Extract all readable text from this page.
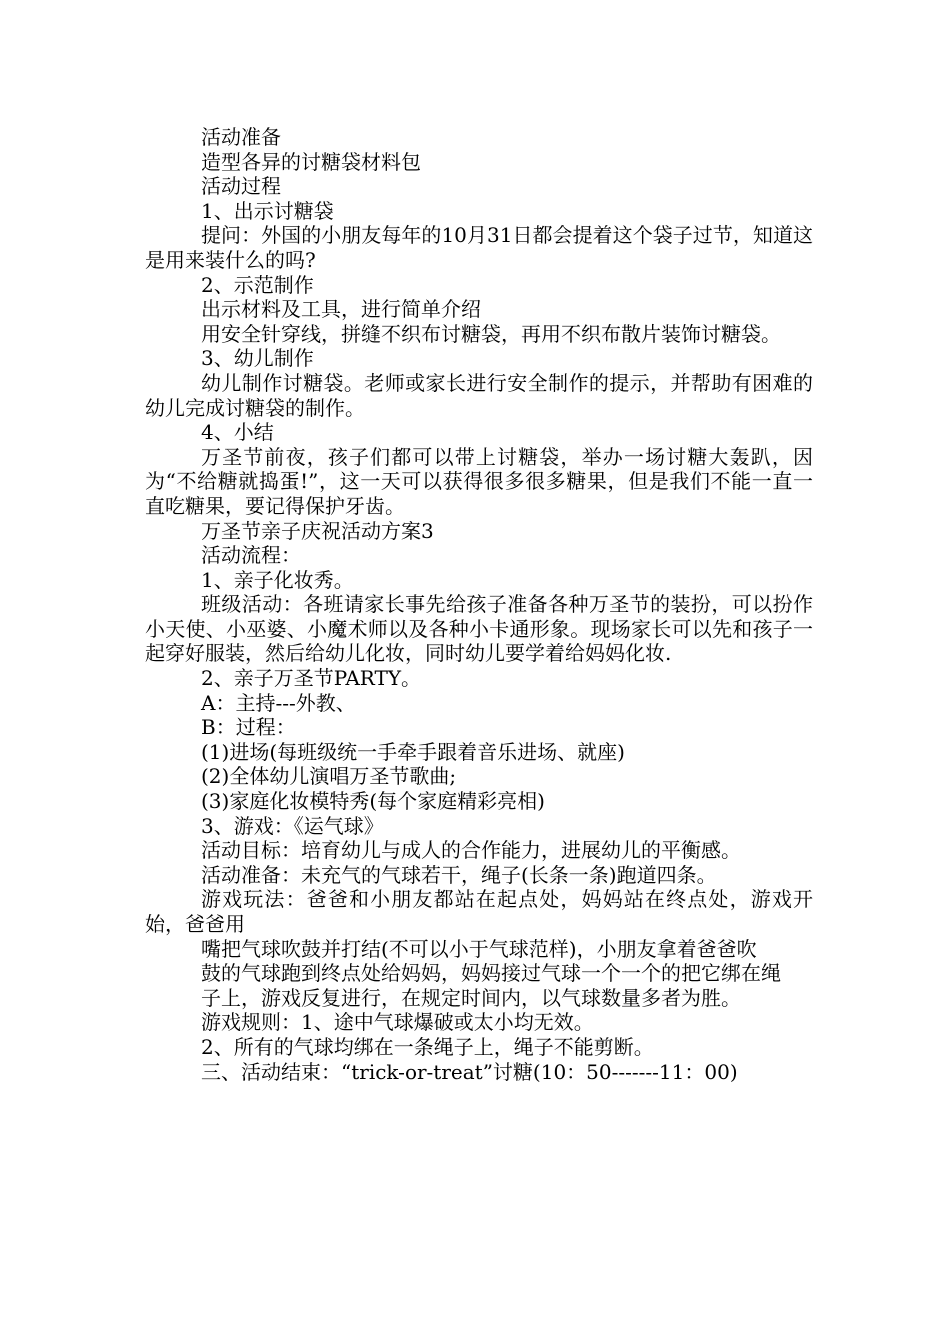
活动准备

造型各异的讨糖袋材料包

活动过程

1、出示讨糖袋

提问：外国的小朋友每年的10月31日都会提着这个袋子过节，知道这是用来装什么的吗?

2、示范制作

出示材料及工具，进行简单介绍

用安全针穿线，拼缝不织布讨糖袋，再用不织布散片装饰讨糖袋。

3、幼儿制作

幼儿制作讨糖袋。老师或家长进行安全制作的提示，并帮助有困难的幼儿完成讨糖袋的制作。

4、小结

万圣节前夜，孩子们都可以带上讨糖袋，举办一场讨糖大轰趴，因为“不给糖就捣蛋!”，这一天可以获得很多很多糖果，但是我们不能一直一直吃糖果，要记得保护牙齿。

万圣节亲子庆祝活动方案3

活动流程：

1、亲子化妆秀。

班级活动：各班请家长事先给孩子准备各种万圣节的装扮，可以扮作小天使、小巫婆、小魔术师以及各种小卡通形象。现场家长可以先和孩子一起穿好服装，然后给幼儿化妆，同时幼儿要学着给妈妈化妆.

2、亲子万圣节PARTY。

A：主持---外教、

B：过程：

(1)进场(每班级统一手牵手跟着音乐进场、就座)

(2)全体幼儿演唱万圣节歌曲;

(3)家庭化妆模特秀(每个家庭精彩亮相)

3、游戏：《运气球》

活动目标：培育幼儿与成人的合作能力，进展幼儿的平衡感。

活动准备：未充气的气球若干，绳子(长条一条)跑道四条。

游戏玩法：爸爸和小朋友都站在起点处，妈妈站在终点处，游戏开始，爸爸用

嘴把气球吹鼓并打结(不可以小于气球范样)，小朋友拿着爸爸吹

鼓的气球跑到终点处给妈妈，妈妈接过气球一个一个的把它绑在绳

子上，游戏反复进行，在规定时间内，以气球数量多者为胜。

游戏规则：1、途中气球爆破或太小均无效。

2、所有的气球均绑在一条绳子上，绳子不能剪断。

三、活动结束：“trick-or-treat”讨糖(10：50-------11：00)
